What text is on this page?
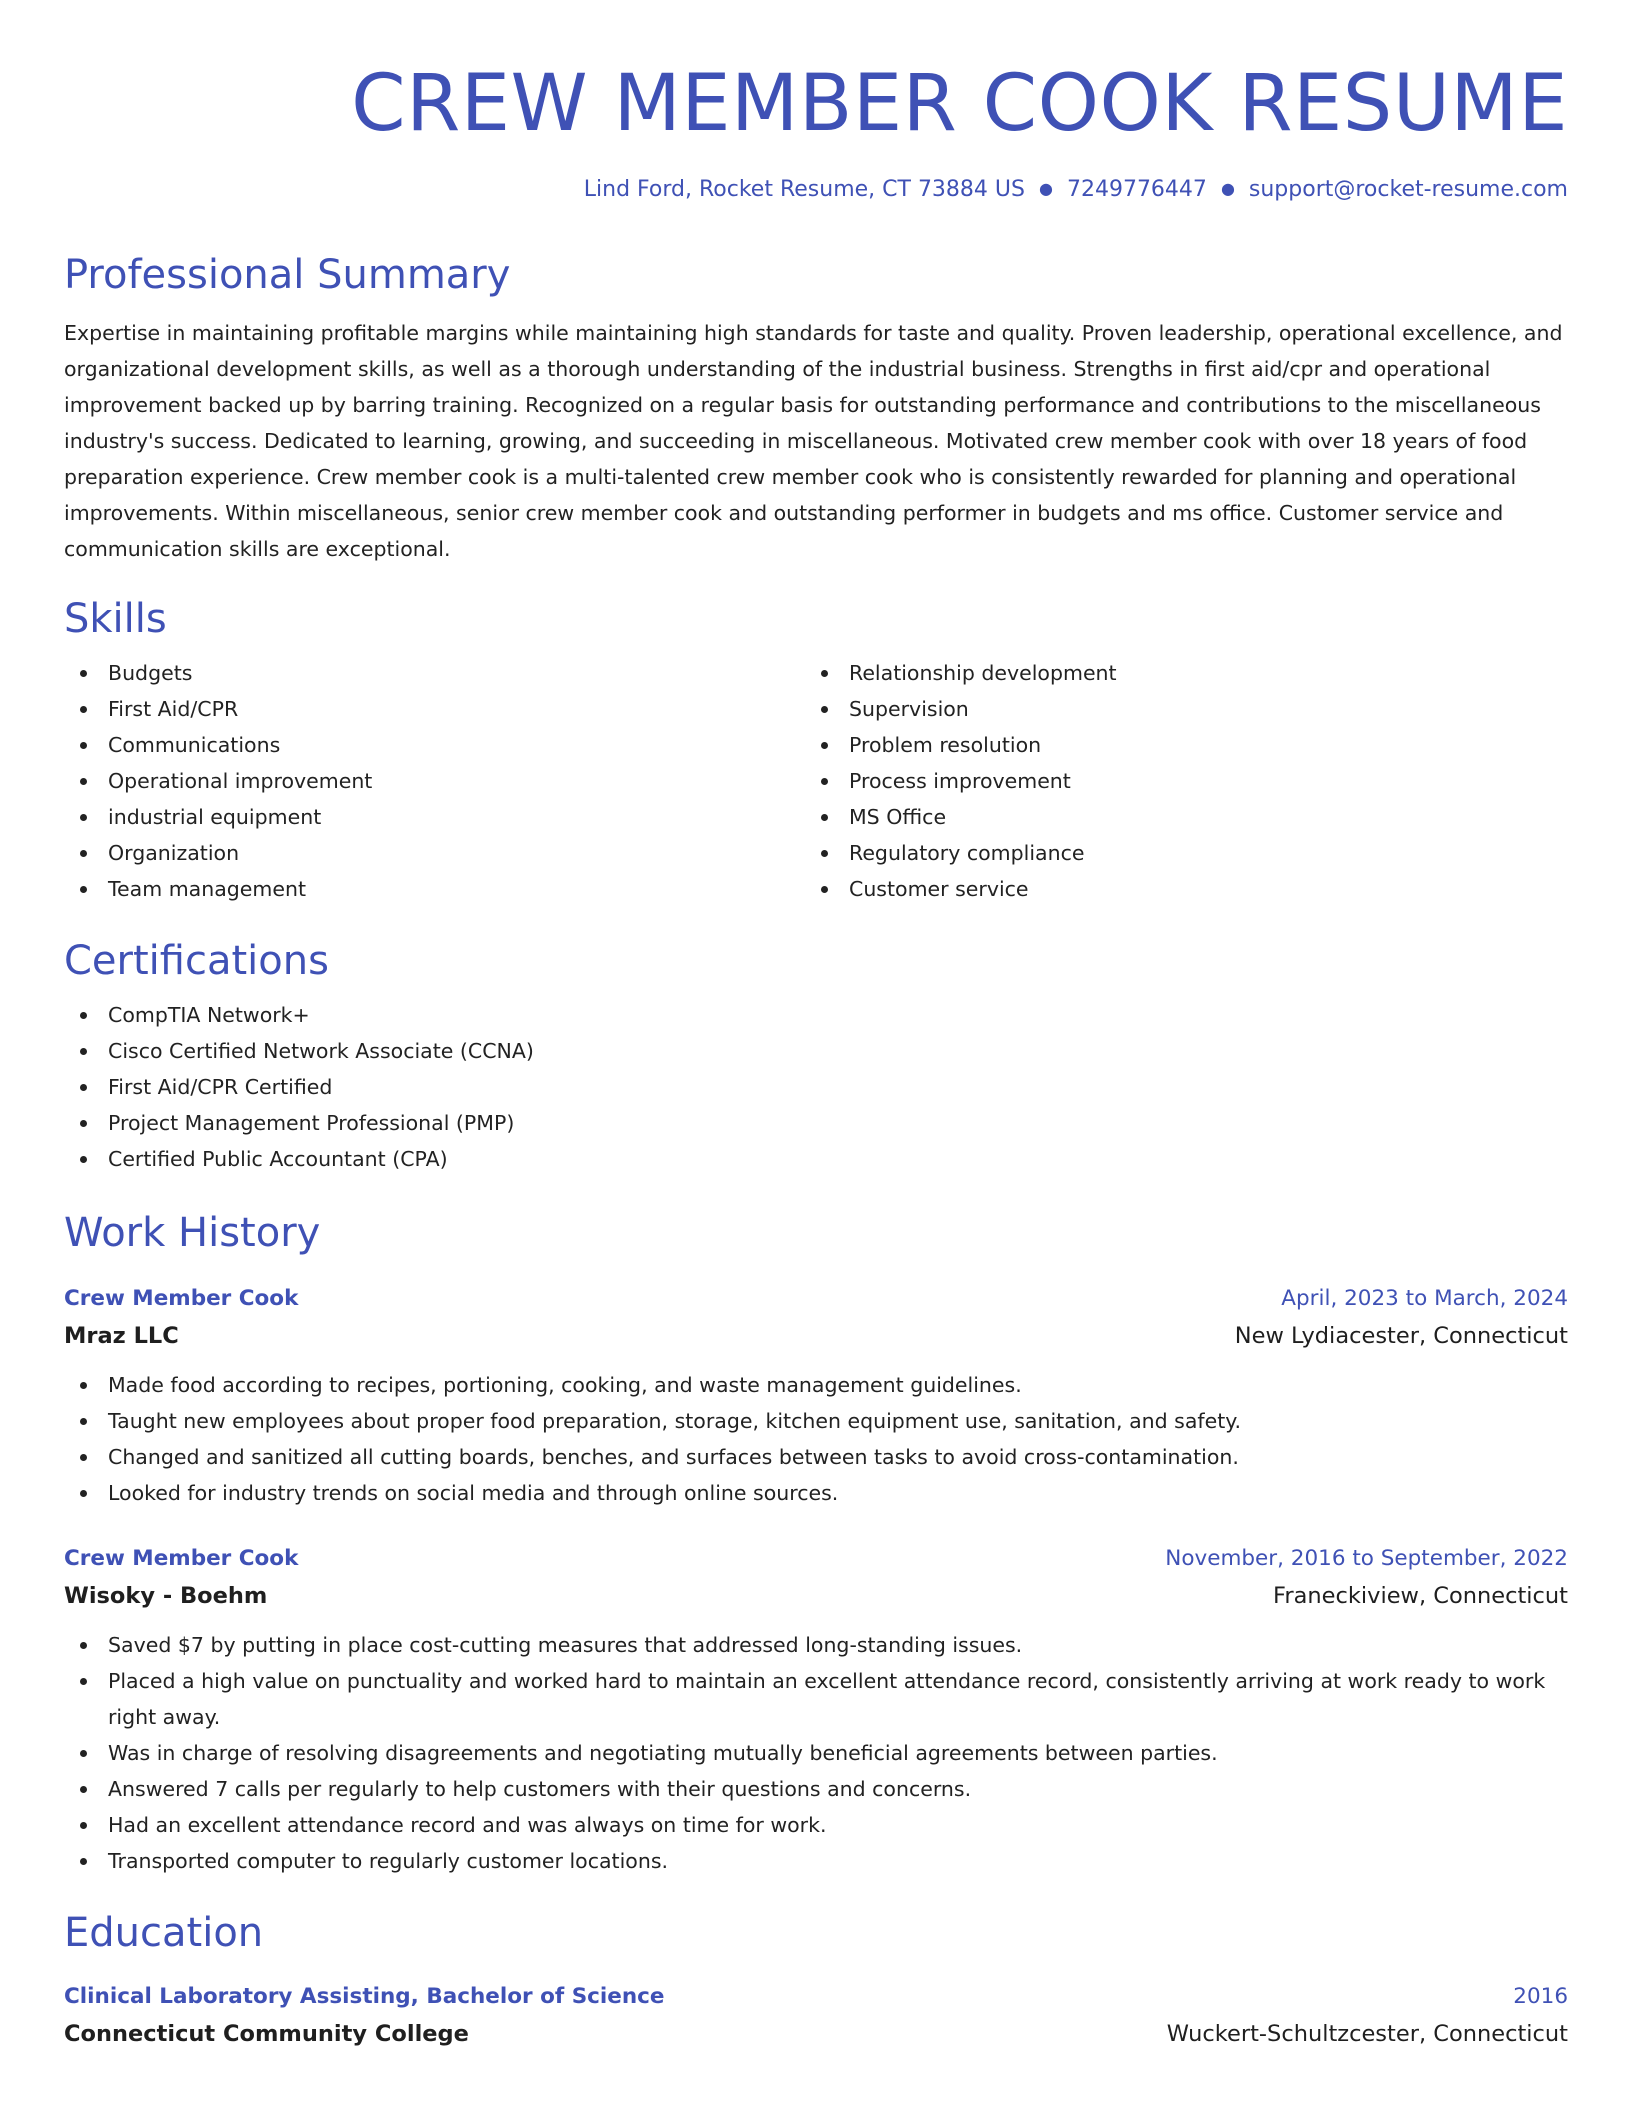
CREW MEMBER COOK RESUME
Lind Ford, Rocket Resume, CT 73884 US ● 7249776447 ● support@rocket-resume.com
Professional Summary

Expertise in maintaining profitable margins while maintaining high standards for taste and quality. Proven leadership, operational excellence, and organizational development skills, as well as a thorough understanding of the industrial business. Strengths in first aid/cpr and operational improvement backed up by barring training. Recognized on a regular basis for outstanding performance and contributions to the miscellaneous industry's success. Dedicated to learning, growing, and succeeding in miscellaneous. Motivated crew member cook with over 18 years of food preparation experience. Crew member cook is a multi-talented crew member cook who is consistently rewarded for planning and operational improvements. Within miscellaneous, senior crew member cook and outstanding performer in budgets and ms office. Customer service and communication skills are exceptional.

Skills
Budgets
First Aid/CPR
Communications
Operational improvement
industrial equipment
Organization
Team management
Relationship development
Supervision
Problem resolution
Process improvement
MS Office
Regulatory compliance
Customer service
Certifications
CompTIA Network+
Cisco Certified Network Associate (CCNA)
First Aid/CPR Certified
Project Management Professional (PMP)
Certified Public Accountant (CPA)
Work History
Crew Member Cook	April, 2023 to March, 2024
Mraz LLC	New Lydiacester, Connecticut
Made food according to recipes, portioning, cooking, and waste management guidelines.
Taught new employees about proper food preparation, storage, kitchen equipment use, sanitation, and safety.
Changed and sanitized all cutting boards, benches, and surfaces between tasks to avoid cross-contamination.
Looked for industry trends on social media and through online sources.
Crew Member Cook	November, 2016 to September, 2022
Wisoky - Boehm	Franeckiview, Connecticut
Saved $7 by putting in place cost-cutting measures that addressed long-standing issues.
Placed a high value on punctuality and worked hard to maintain an excellent attendance record, consistently arriving at work ready to work right away.
Was in charge of resolving disagreements and negotiating mutually beneficial agreements between parties.
Answered 7 calls per regularly to help customers with their questions and concerns.
Had an excellent attendance record and was always on time for work.
Transported computer to regularly customer locations.
Education
Clinical Laboratory Assisting, Bachelor of Science	2016
Connecticut Community College	Wuckert-Schultzcester, Connecticut
